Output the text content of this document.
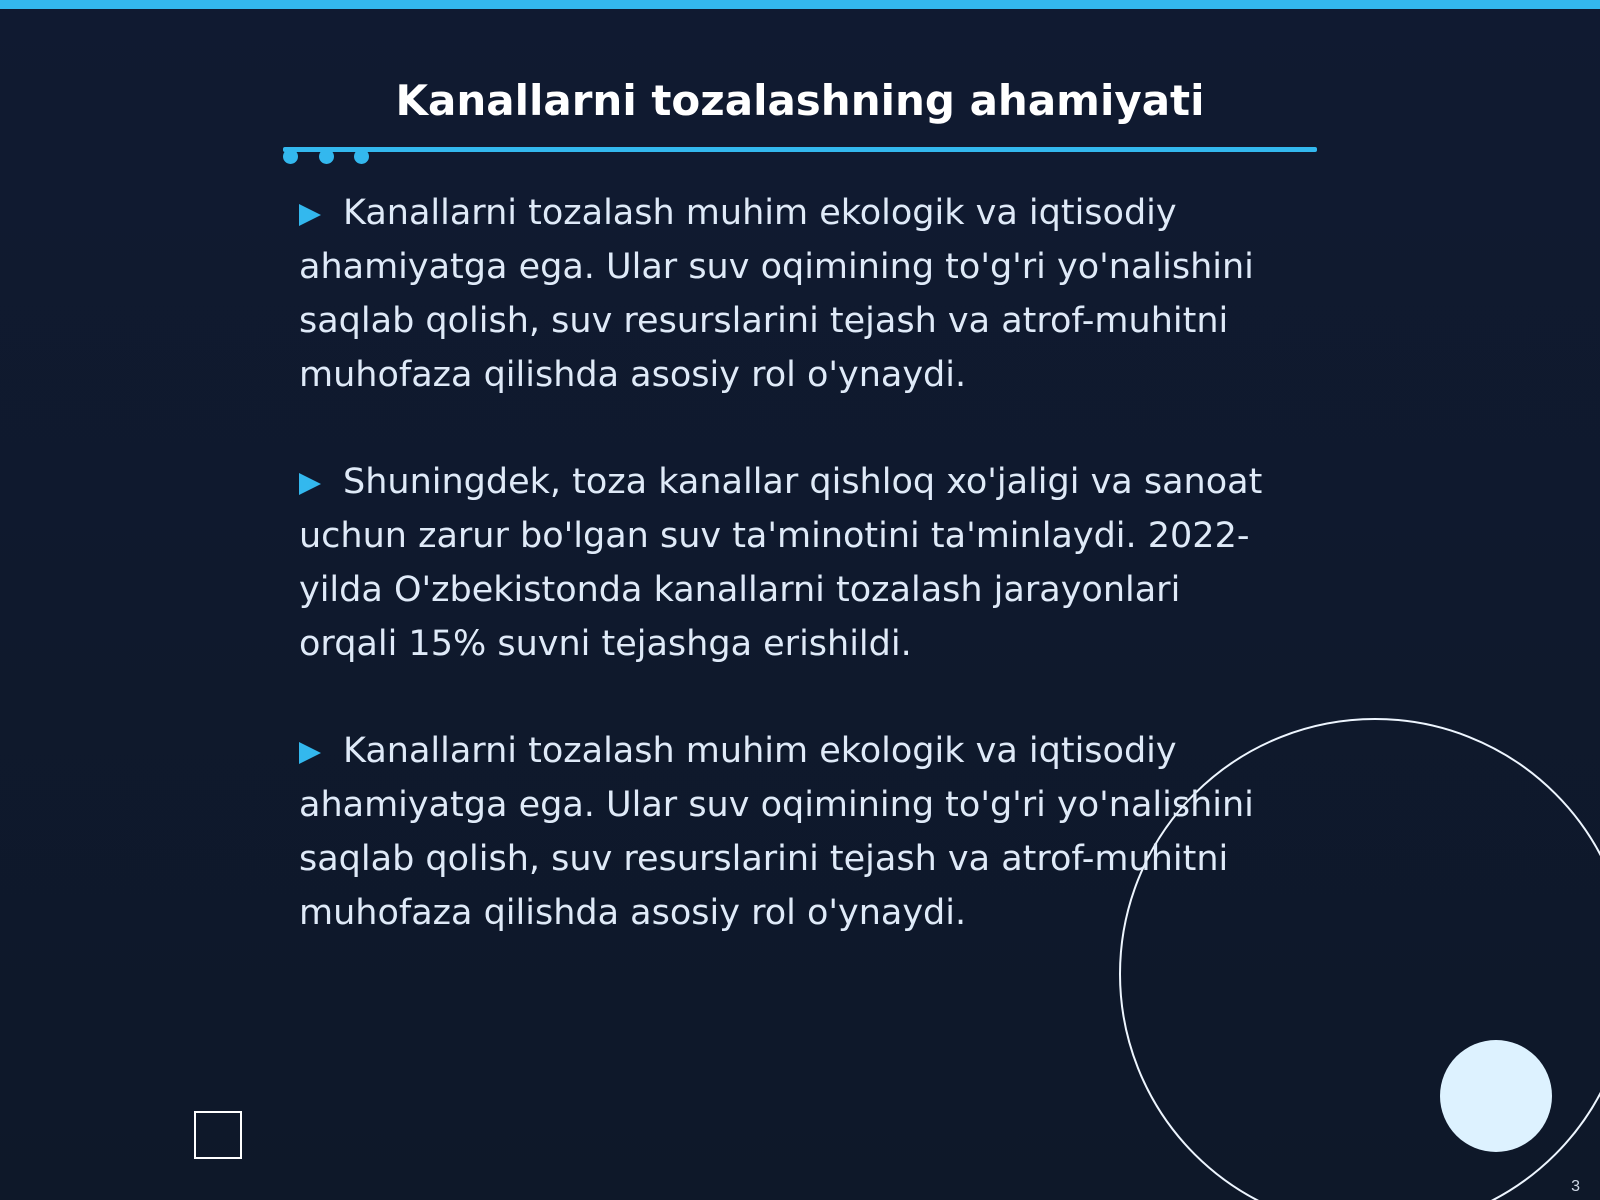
Kanallarni tozalashning ahamiyati

Kanallarni tozalash muhim ekologik va iqtisodiy ahamiyatga ega. Ular suv oqimining to'g'ri yo'nalishini saqlab qolish, suv resurslarini tejash va atrof-muhitni muhofaza qilishda asosiy rol o'ynaydi.

Shuningdek, toza kanallar qishloq xo'jaligi va sanoat uchun zarur bo'lgan suv ta'minotini ta'minlaydi. 2022-yilda O'zbekistonda kanallarni tozalash jarayonlari orqali 15% suvni tejashga erishildi.

Kanallarni tozalash muhim ekologik va iqtisodiy ahamiyatga ega. Ular suv oqimining to'g'ri yo'nalishini saqlab qolish, suv resurslarini tejash va atrof-muhitni muhofaza qilishda asosiy rol o'ynaydi.

3
